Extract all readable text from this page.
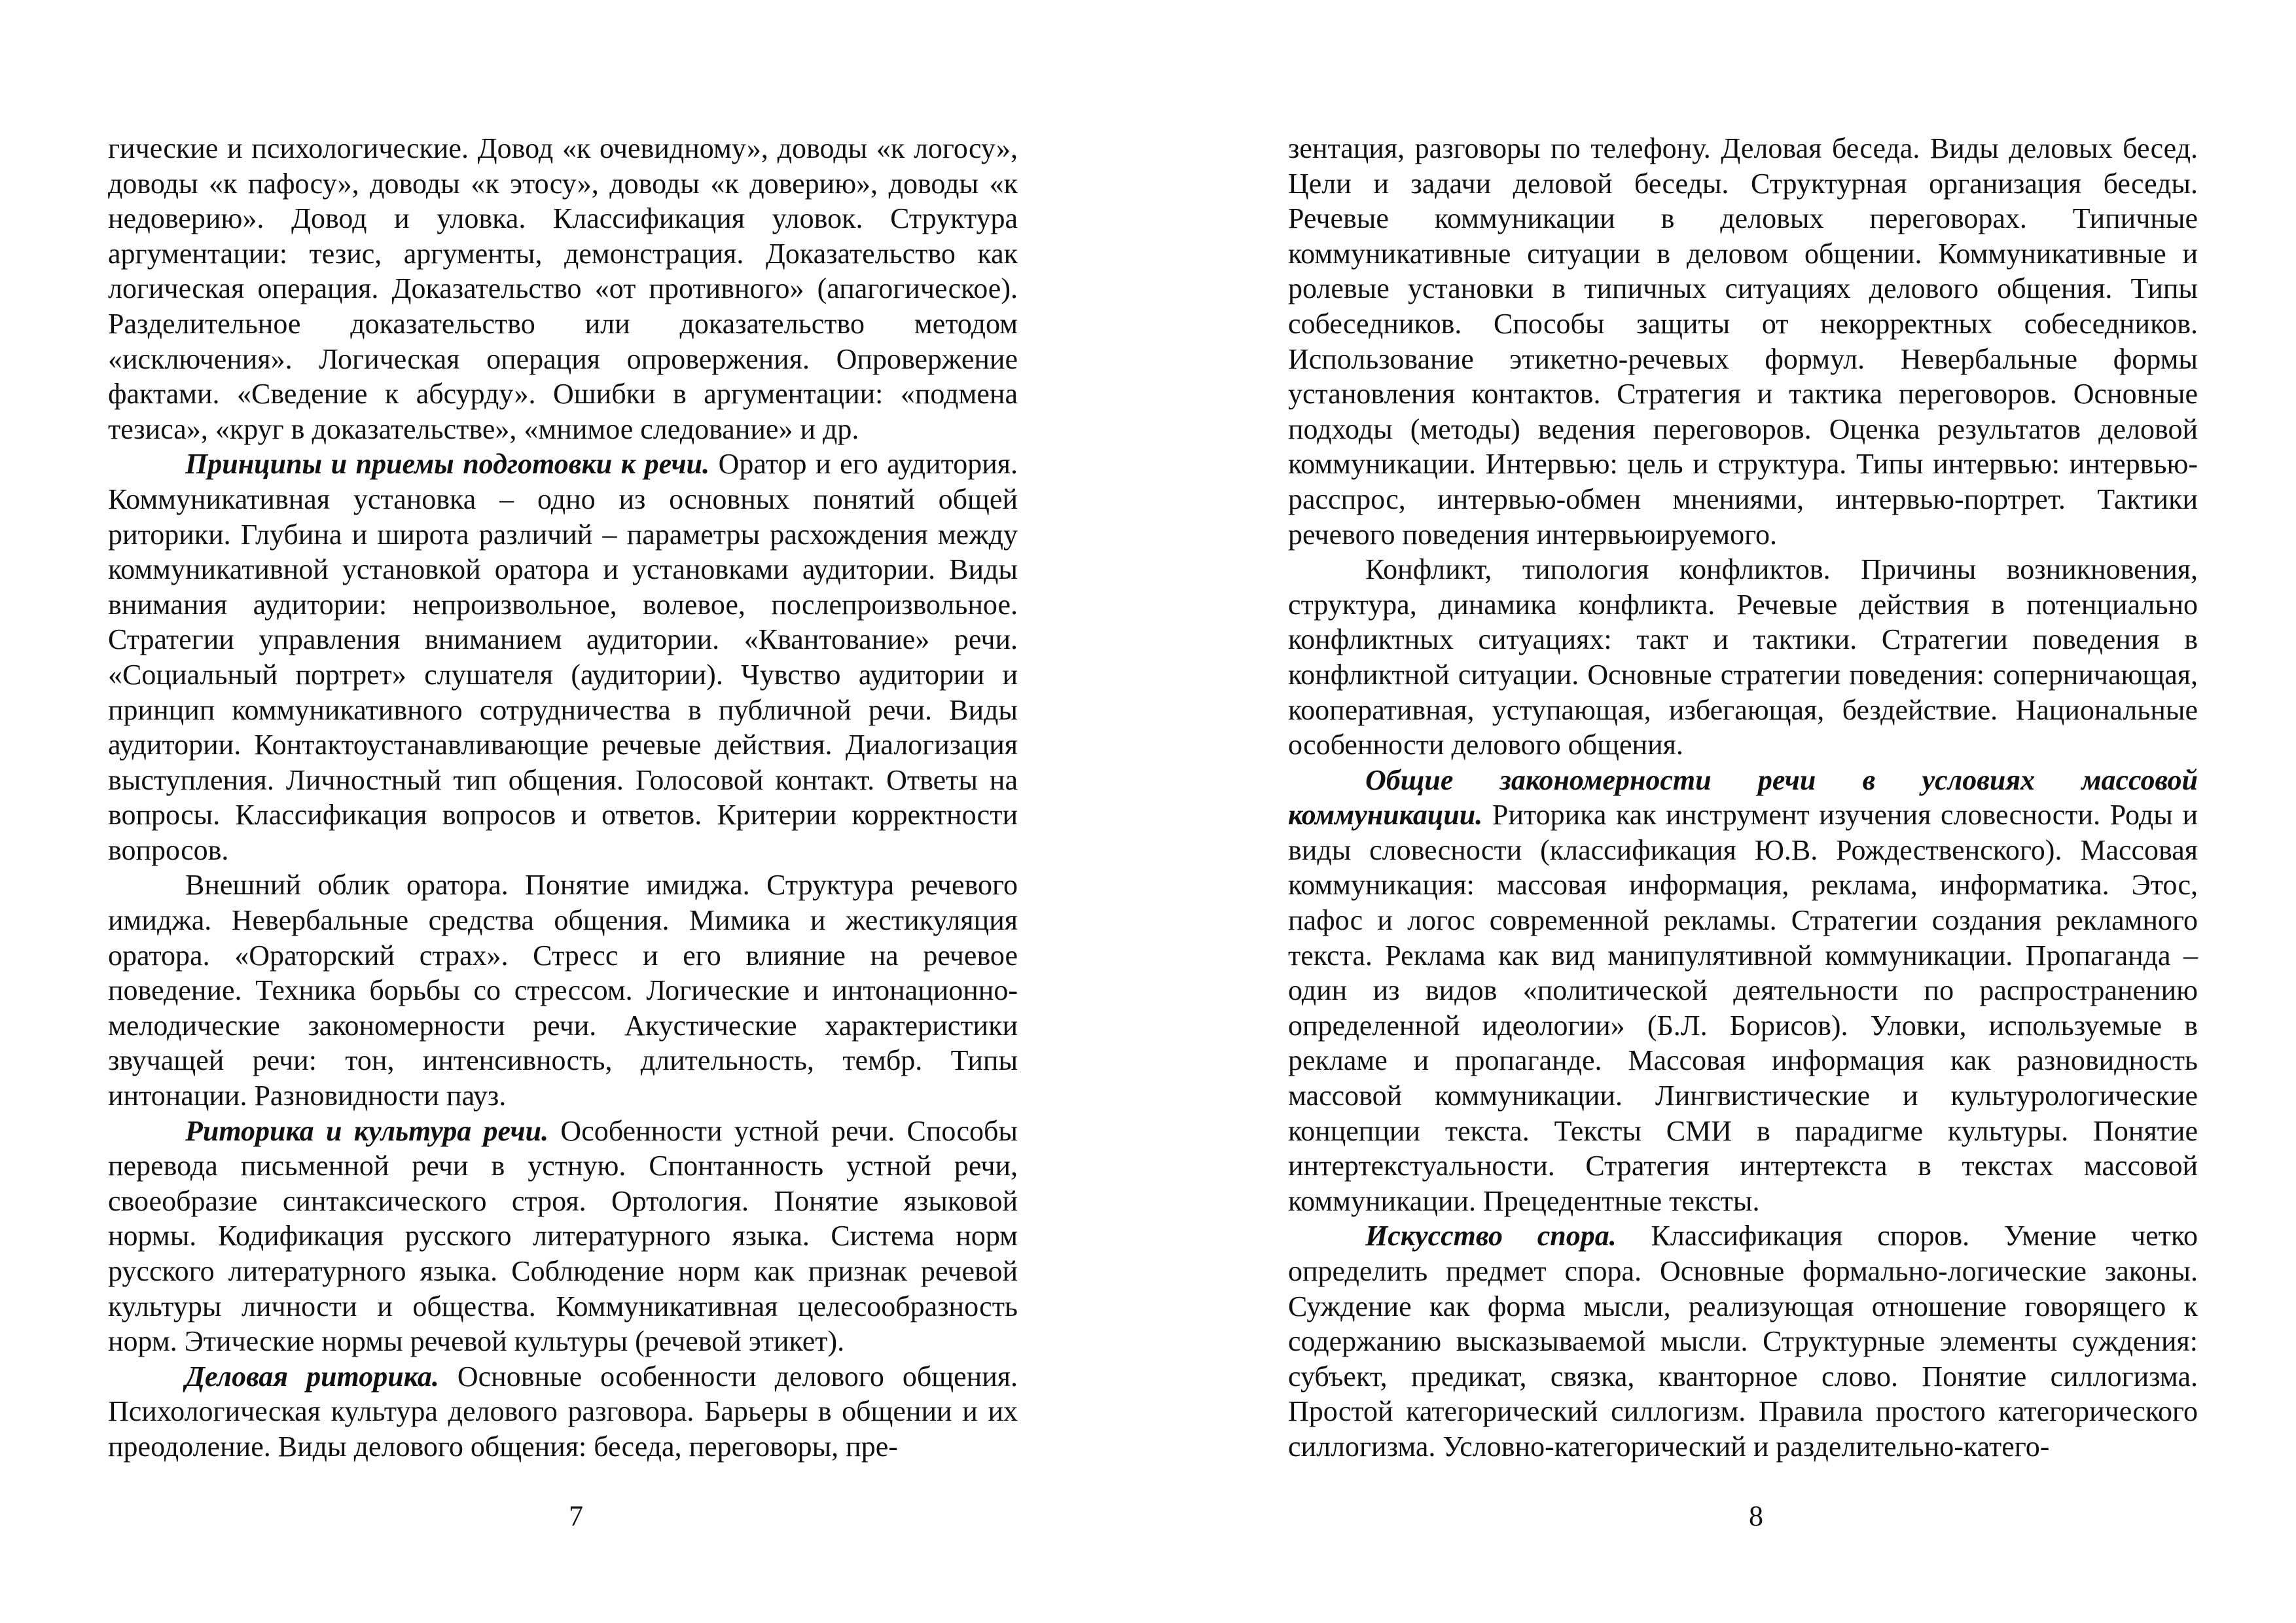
гические и психологические. Довод «к очевидному», доводы «к логосу», доводы «к пафосу», доводы «к этосу», доводы «к доверию», доводы «к недоверию». Довод и уловка. Классификация уловок. Структура аргументации: тезис, аргументы, демонстрация. Доказательство как логическая операция. Доказательство «от противного» (апагогическое). Разделительное доказательство или доказательство методом «исключения». Логическая операция опровержения. Опровержение фактами. «Сведение к абсурду». Ошибки в аргументации: «подмена тезиса», «круг в доказательстве», «мнимое следование» и др.

Принципы и приемы подготовки к речи. Оратор и его аудитория. Коммуникативная установка – одно из основных понятий общей риторики. Глубина и широта различий – параметры расхождения между коммуникативной установкой оратора и установками аудитории. Виды внимания аудитории: непроизвольное, волевое, послепроизвольное. Стратегии управления вниманием аудитории. «Квантование» речи. «Социальный портрет» слушателя (аудитории). Чувство аудитории и принцип коммуникативного сотрудничества в публичной речи. Виды аудитории. Контактоустанавливающие речевые действия. Диалогизация выступления. Личностный тип общения. Голосовой контакт. Ответы на вопросы. Классификация вопросов и ответов. Критерии корректности вопросов.

Внешний облик оратора. Понятие имиджа. Структура речевого имиджа. Невербальные средства общения. Мимика и жестикуляция оратора. «Ораторский страх». Стресс и его влияние на речевое поведение. Техника борьбы со стрессом. Логические и интонационно-мелодические закономерности речи. Акустические характеристики звучащей речи: тон, интенсивность, длительность, тембр. Типы интонации. Разновидности пауз.

Риторика и культура речи. Особенности устной речи. Способы перевода письменной речи в устную. Спонтанность устной речи, своеобразие синтаксического строя. Ортология. Понятие языковой нормы. Кодификация русского литературного языка. Система норм русского литературного языка. Соблюдение норм как признак речевой культуры личности и общества. Коммуникативная целесообразность норм. Этические нормы речевой культуры (речевой этикет).

Деловая риторика. Основные особенности делового общения. Психологическая культура делового разговора. Барьеры в общении и их преодоление. Виды делового общения: беседа, переговоры, пре-

7

зентация, разговоры по телефону. Деловая беседа. Виды деловых бесед. Цели и задачи деловой беседы. Структурная организация беседы. Речевые коммуникации в деловых переговорах. Типичные коммуникативные ситуации в деловом общении. Коммуникативные и ролевые установки в типичных ситуациях делового общения. Типы собеседников. Способы защиты от некорректных собеседников. Использование этикетно-речевых формул. Невербальные формы установления контактов. Стратегия и тактика переговоров. Основные подходы (методы) ведения переговоров. Оценка результатов деловой коммуникации. Интервью: цель и структура. Типы интервью: интервью-расспрос, интервью-обмен мнениями, интервью-портрет. Тактики речевого поведения интервьюируемого.

Конфликт, типология конфликтов. Причины возникновения, структура, динамика конфликта. Речевые действия в потенциально конфликтных ситуациях: такт и тактики. Стратегии поведения в конфликтной ситуации. Основные стратегии поведения: соперничающая, кооперативная, уступающая, избегающая, бездействие. Национальные особенности делового общения.

Общие закономерности речи в условиях массовой коммуникации. Риторика как инструмент изучения словесности. Роды и виды словесности (классификация Ю.В. Рождественского). Массовая коммуникация: массовая информация, реклама, информатика. Этос, пафос и логос современной рекламы. Стратегии создания рекламного текста. Реклама как вид манипулятивной коммуникации. Пропаганда – один из видов «политической деятельности по распространению определенной идеологии» (Б.Л. Борисов). Уловки, используемые в рекламе и пропаганде. Массовая информация как разновидность массовой коммуникации. Лингвистические и культурологические концепции текста. Тексты СМИ в парадигме культуры. Понятие интертекстуальности. Стратегия интертекста в текстах массовой коммуникации. Прецедентные тексты.

Искусство спора. Классификация споров. Умение четко определить предмет спора. Основные формально-логические законы. Суждение как форма мысли, реализующая отношение говорящего к содержанию высказываемой мысли. Структурные элементы суждения: субъект, предикат, связка, кванторное слово. Понятие силлогизма. Простой категорический силлогизм. Правила простого категорического силлогизма. Условно-категорический и разделительно-катего-

8
